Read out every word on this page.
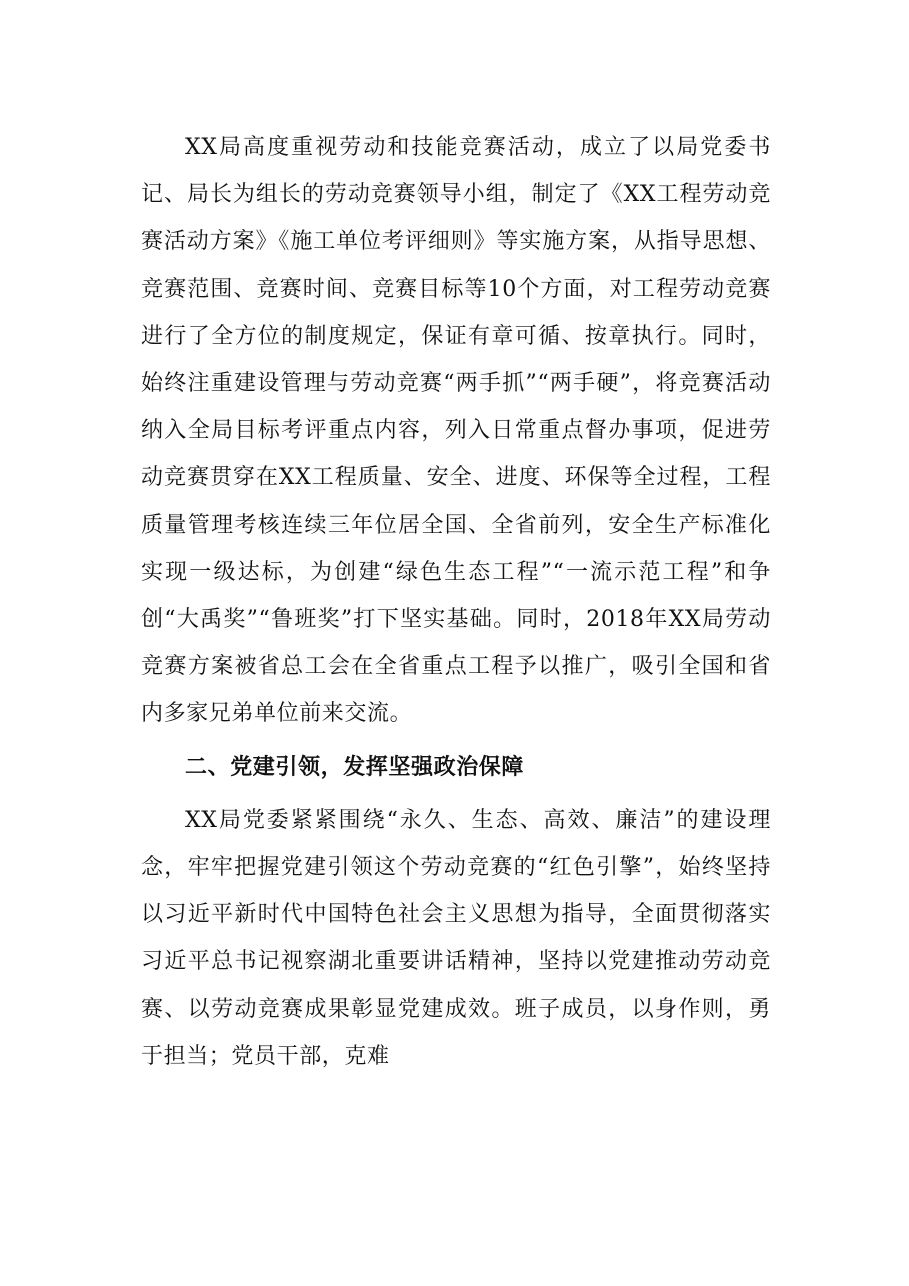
XX局高度重视劳动和技能竞赛活动，成立了以局党委书记、局长为组长的劳动竞赛领导小组，制定了《XX工程劳动竞赛活动方案》《施工单位考评细则》等实施方案，从指导思想、竞赛范围、竞赛时间、竞赛目标等10个方面，对工程劳动竞赛进行了全方位的制度规定，保证有章可循、按章执行。同时，始终注重建设管理与劳动竞赛“两手抓”“两手硬”，将竞赛活动纳入全局目标考评重点内容，列入日常重点督办事项，促进劳动竞赛贯穿在XX工程质量、安全、进度、环保等全过程，工程质量管理考核连续三年位居全国、全省前列，安全生产标准化实现一级达标，为创建“绿色生态工程”“一流示范工程”和争创“大禹奖”“鲁班奖”打下坚实基础。同时，2018年XX局劳动竞赛方案被省总工会在全省重点工程予以推广，吸引全国和省内多家兄弟单位前来交流。

二、党建引领，发挥坚强政治保障

XX局党委紧紧围绕“永久、生态、高效、廉洁”的建设理念，牢牢把握党建引领这个劳动竞赛的“红色引擎”，始终坚持以习近平新时代中国特色社会主义思想为指导，全面贯彻落实习近平总书记视察湖北重要讲话精神，坚持以党建推动劳动竞赛、以劳动竞赛成果彰显党建成效。班子成员，以身作则，勇于担当；党员干部，克难
